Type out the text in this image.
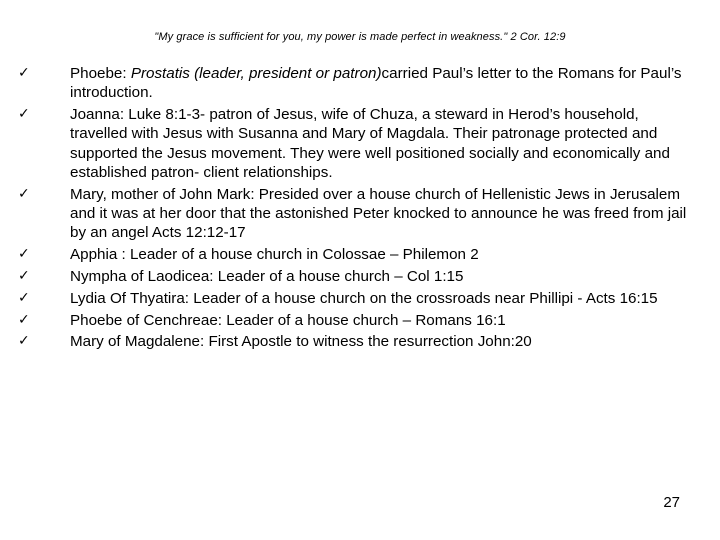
"My grace is sufficient for you, my power is made perfect in weakness." 2 Cor. 12:9
✓	Phoebe: Prostatis (leader, president or patron)carried Paul’s letter to the Romans for Paul’s introduction.
✓	Joanna: Luke 8:1-3- patron of Jesus, wife of Chuza, a steward in Herod’s household, travelled with Jesus with Susanna and Mary of Magdala. Their patronage protected and supported the Jesus movement. They were well positioned socially and economically and established patron- client relationships.
✓	Mary, mother of John Mark: Presided over a house church of Hellenistic Jews in Jerusalem and it was at her door that the astonished Peter knocked to announce he was freed from jail by an angel Acts 12:12-17
✓	Apphia : Leader of a house church in Colossae – Philemon 2
✓	Nympha of Laodicea: Leader of a house church – Col 1:15
✓	Lydia Of Thyatira: Leader of a house church on the crossroads near Phillipi - Acts 16:15
✓	Phoebe of Cenchreae: Leader of a house church – Romans 16:1
✓	Mary of Magdalene: First Apostle to witness the resurrection John:20
27
